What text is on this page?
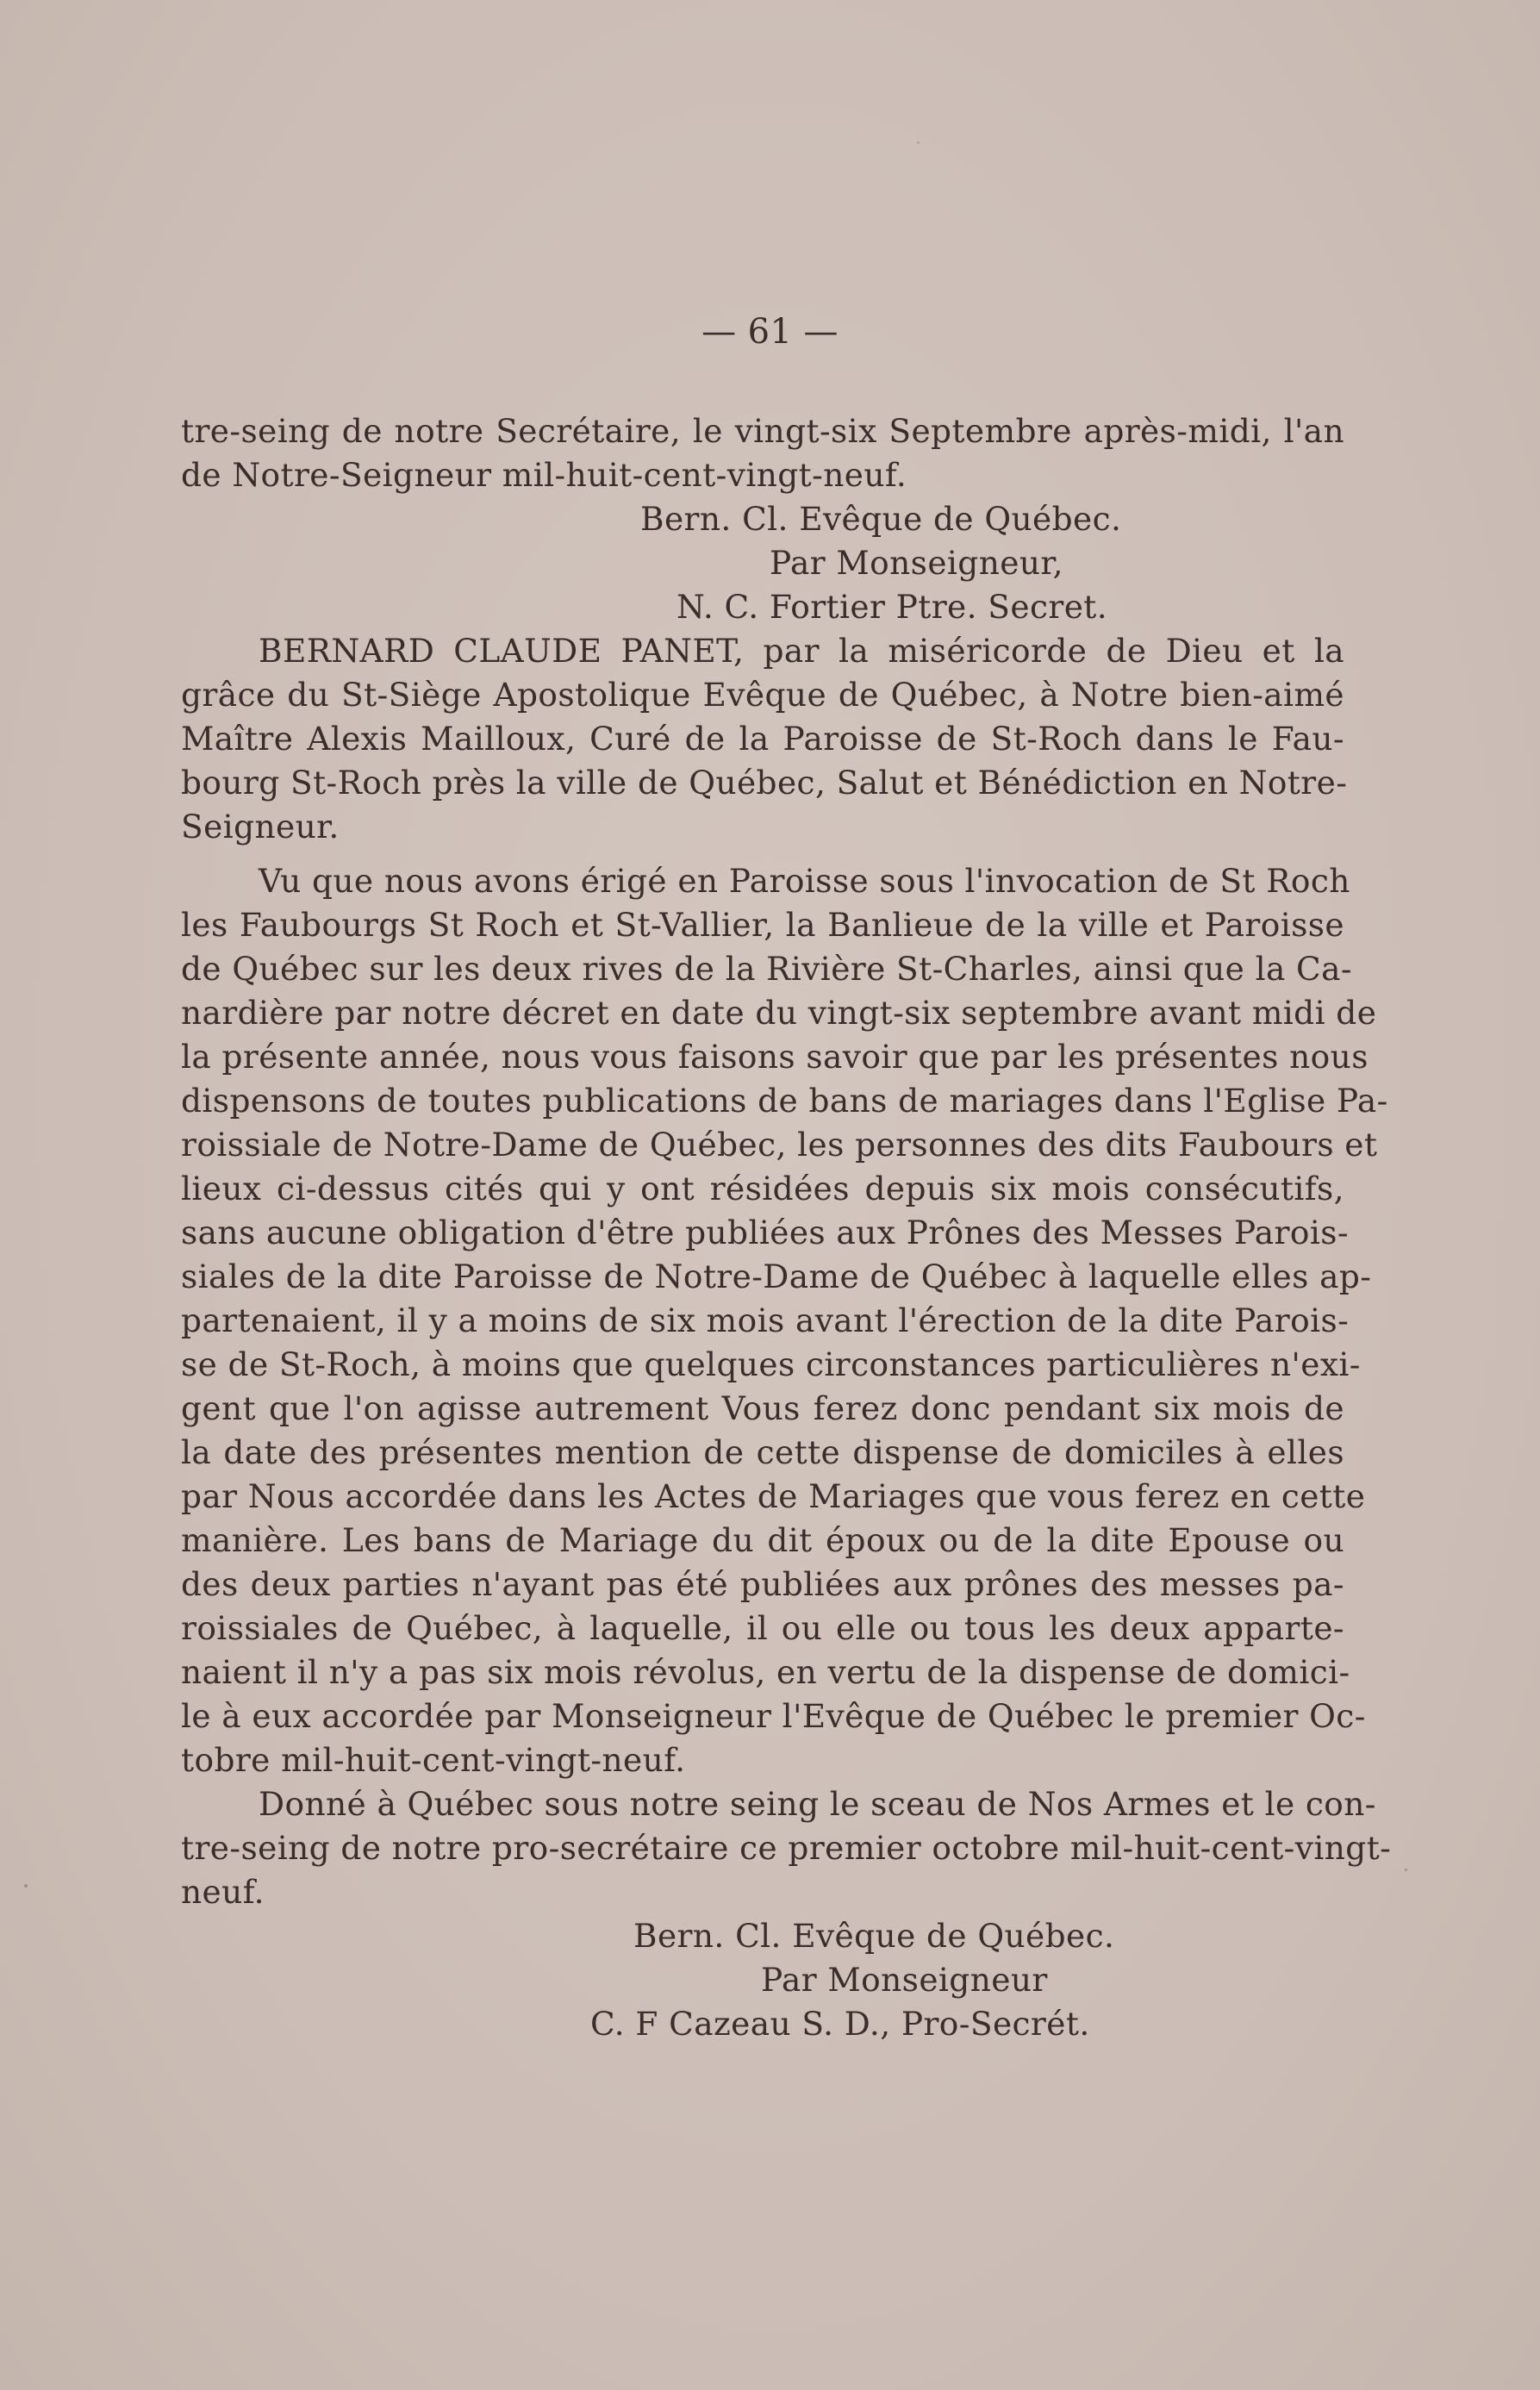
— 61 —
tre-seing de notre Secrétaire, le vingt-six Septembre après-midi, l'an
de Notre-Seigneur mil-huit-cent-vingt-neuf.
Bern. Cl. Evêque de Québec.
Par Monseigneur,
N. C. Fortier Ptre. Secret.
BERNARD CLAUDE PANET, par la miséricorde de Dieu et la
grâce du St-Siège Apostolique Evêque de Québec, à Notre bien-aimé
Maître Alexis Mailloux, Curé de la Paroisse de St-Roch dans le Fau-
bourg St-Roch près la ville de Québec, Salut et Bénédiction en Notre-
Seigneur.
Vu que nous avons érigé en Paroisse sous l'invocation de St Roch
les Faubourgs St Roch et St-Vallier, la Banlieue de la ville et Paroisse
de Québec sur les deux rives de la Rivière St-Charles, ainsi que la Ca-
nardière par notre décret en date du vingt-six septembre avant midi de
la présente année, nous vous faisons savoir que par les présentes nous
dispensons de toutes publications de bans de mariages dans l'Eglise Pa-
roissiale de Notre-Dame de Québec, les personnes des dits Faubours et
lieux ci-dessus cités qui y ont résidées depuis six mois consécutifs,
sans aucune obligation d'être publiées aux Prônes des Messes Parois-
siales de la dite Paroisse de Notre-Dame de Québec à laquelle elles ap-
partenaient, il y a moins de six mois avant l'érection de la dite Parois-
se de St-Roch, à moins que quelques circonstances particulières n'exi-
gent que l'on agisse autrement Vous ferez donc pendant six mois de
la date des présentes mention de cette dispense de domiciles à elles
par Nous accordée dans les Actes de Mariages que vous ferez en cette
manière. Les bans de Mariage du dit époux ou de la dite Epouse ou
des deux parties n'ayant pas été publiées aux prônes des messes pa-
roissiales de Québec, à laquelle, il ou elle ou tous les deux apparte-
naient il n'y a pas six mois révolus, en vertu de la dispense de domici-
le à eux accordée par Monseigneur l'Evêque de Québec le premier Oc-
tobre mil-huit-cent-vingt-neuf.
Donné à Québec sous notre seing le sceau de Nos Armes et le con-
tre-seing de notre pro-secrétaire ce premier octobre mil-huit-cent-vingt-
neuf.
Bern. Cl. Evêque de Québec.
Par Monseigneur
C. F Cazeau S. D., Pro-Secrét.
